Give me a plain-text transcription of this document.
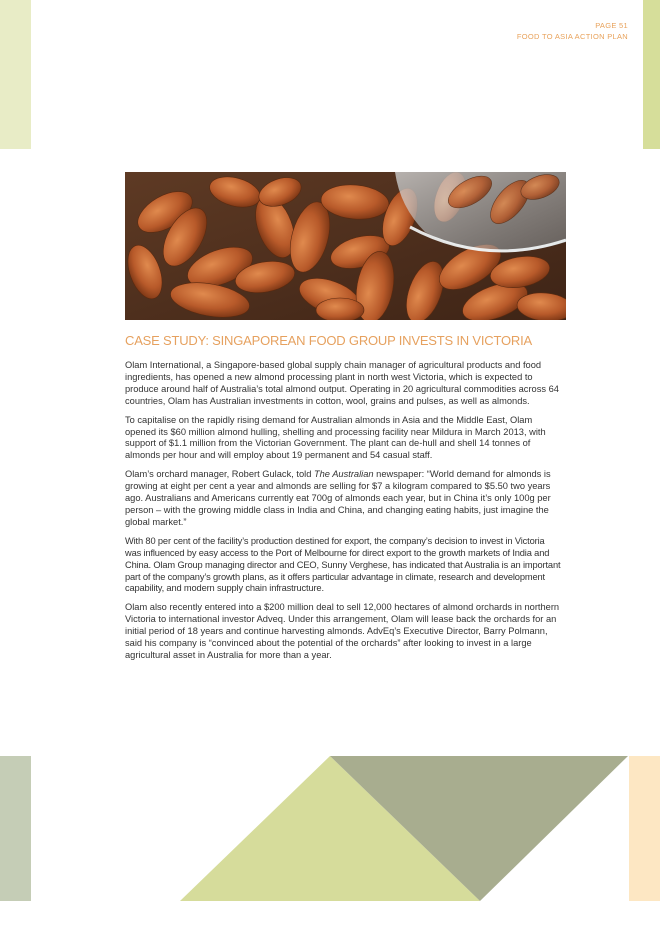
PAGE 51
FOOD TO ASIA ACTION PLAN
CASE STUDY: SINGAPOREAN FOOD GROUP INVESTS IN VICTORIA

Olam International, a Singapore-based global supply chain manager of agricultural products and food ingredients, has opened a new almond processing plant in north west Victoria, which is expected to produce around half of Australia’s total almond output. Operating in 20 agricultural commodities across 64 countries, Olam has Australian investments in cotton, wool, grains and pulses, as well as almonds.

To capitalise on the rapidly rising demand for Australian almonds in Asia and the Middle East, Olam opened its $60 million almond hulling, shelling and processing facility near Mildura in March 2013, with support of $1.1 million from the Victorian Government. The plant can de-hull and shell 14 tonnes of almonds per hour and will employ about 19 permanent and 54 casual staff.

Olam’s orchard manager, Robert Gulack, told The Australian newspaper: “World demand for almonds is growing at eight per cent a year and almonds are selling for $7 a kilogram compared to $5.50 two years ago. Australians and Americans currently eat 700g of almonds each year, but in China it’s only 100g per person – with the growing middle class in India and China, and changing eating habits, just imagine the global market.”

With 80 per cent of the facility’s production destined for export, the company’s decision to invest in Victoria was influenced by easy access to the Port of Melbourne for direct export to the growth markets of India and China. Olam Group managing director and CEO, Sunny Verghese, has indicated that Australia is an important part of the company’s growth plans, as it offers particular advantage in climate, research and development capability, and modern supply chain infrastructure.

Olam also recently entered into a $200 million deal to sell 12,000 hectares of almond orchards in northern Victoria to international investor Adveq. Under this arrangement, Olam will lease back the orchards for an initial period of 18 years and continue harvesting almonds. AdvEq’s Executive Director, Barry Polmann, said his company is “convinced about the potential of the orchards” after looking to invest in a large agricultural asset in Australia for more than a year.
